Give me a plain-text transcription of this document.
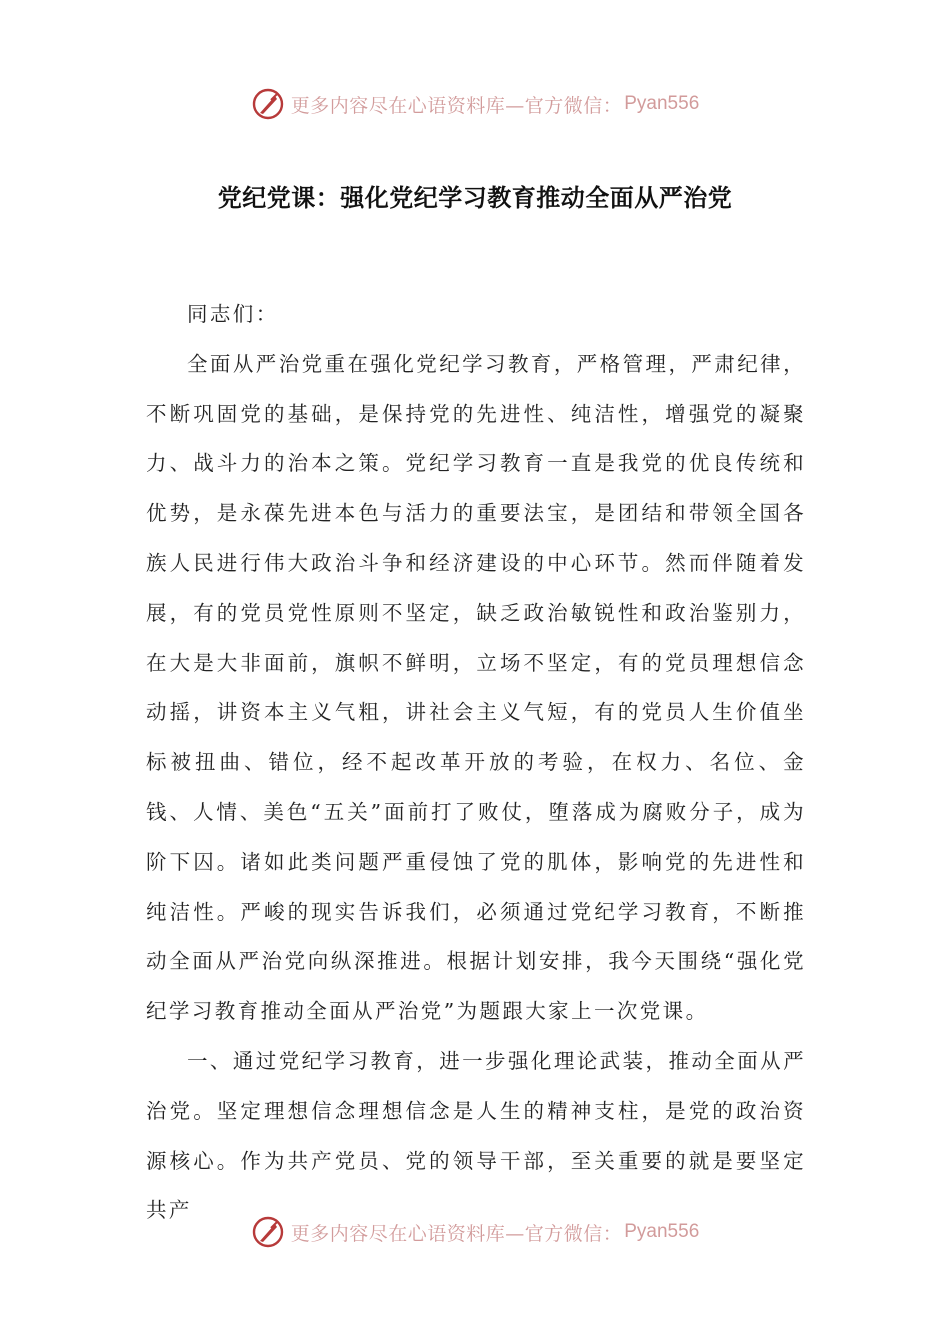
更多内容尽在心语资料库—官方微信： Pyan556
党纪党课：强化党纪学习教育推动全面从严治党

同志们：

全面从严治党重在强化党纪学习教育，严格管理，严肃纪律，不断巩固党的基础，是保持党的先进性、纯洁性，增强党的凝聚力、战斗力的治本之策。党纪学习教育一直是我党的优良传统和优势，是永葆先进本色与活力的重要法宝，是团结和带领全国各族人民进行伟大政治斗争和经济建设的中心环节。然而伴随着发展，有的党员党性原则不坚定，缺乏政治敏锐性和政治鉴别力，在大是大非面前，旗帜不鲜明，立场不坚定，有的党员理想信念动摇，讲资本主义气粗，讲社会主义气短，有的党员人生价值坐标被扭曲、错位，经不起改革开放的考验，在权力、名位、金钱、人情、美色“五关”面前打了败仗，堕落成为腐败分子，成为阶下囚。诸如此类问题严重侵蚀了党的肌体，影响党的先进性和纯洁性。严峻的现实告诉我们，必须通过党纪学习教育，不断推动全面从严治党向纵深推进。根据计划安排，我今天围绕“强化党纪学习教育推动全面从严治党”为题跟大家上一次党课。

一、通过党纪学习教育，进一步强化理论武装，推动全面从严治党。坚定理想信念理想信念是人生的精神支柱，是党的政治资源核心。作为共产党员、党的领导干部，至关重要的就是要坚定共产

更多内容尽在心语资料库—官方微信： Pyan556
